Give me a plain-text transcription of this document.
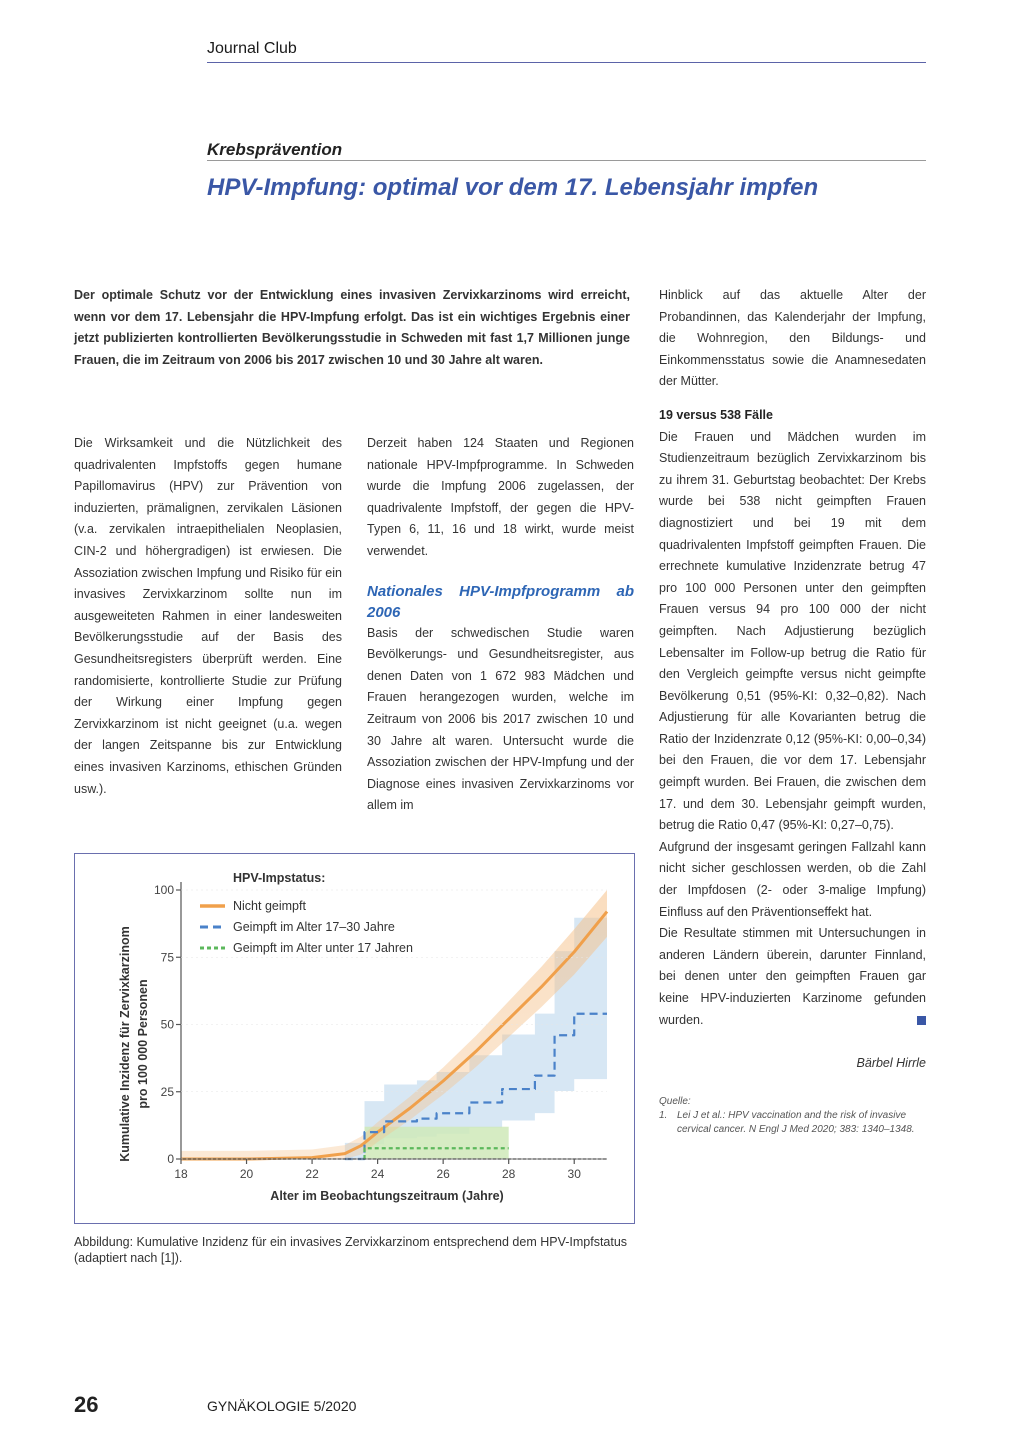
Journal Club
Krebsprävention
HPV-Impfung: optimal vor dem 17. Lebensjahr impfen
Der optimale Schutz vor der Entwicklung eines invasiven Zervixkarzinoms wird erreicht, wenn vor dem 17. Lebensjahr die HPV-Impfung erfolgt. Das ist ein wichtiges Ergebnis einer jetzt publizierten kontrollierten Bevölkerungsstudie in Schweden mit fast 1,7 Millionen junge Frauen, die im Zeitraum von 2006 bis 2017 zwischen 10 und 30 Jahre alt waren.

Die Wirksamkeit und die Nützlichkeit des quadrivalenten Impfstoffs gegen humane Papillomavirus (HPV) zur Prävention von induzierten, prämalignen, zervikalen Läsionen (v.a. zervikalen intraepithelialen Neoplasien, CIN-2 und höhergradigen) ist erwiesen. Die Assoziation zwischen Impfung und Risiko für ein invasives Zervixkarzinom sollte nun im ausgeweiteten Rahmen in einer landesweiten Bevölkerungsstudie auf der Basis des Gesundheitsregisters überprüft werden. Eine randomisierte, kontrollierte Studie zur Prüfung der Wirkung einer Impfung gegen Zervixkarzinom ist nicht geeignet (u.a. wegen der langen Zeitspanne bis zur Entwicklung eines invasiven Karzinoms, ethischen Gründen usw.).

Derzeit haben 124 Staaten und Regionen nationale HPV-Impfprogramme. In Schweden wurde die Impfung 2006 zugelassen, der quadrivalente Impfstoff, der gegen die HPV-Typen 6, 11, 16 und 18 wirkt, wurde meist verwendet.

Nationales HPV-Impfprogramm ab 2006

Basis der schwedischen Studie waren Bevölkerungs- und Gesundheitsregister, aus denen Daten von 1 672 983 Mädchen und Frauen herangezogen wurden, welche im Zeitraum von 2006 bis 2017 zwischen 10 und 30 Jahre alt waren. Untersucht wurde die Assoziation zwischen der HPV-Impfung und der Diagnose eines invasiven Zervixkarzinoms vor allem im

Hinblick auf das aktuelle Alter der Probandinnen, das Kalenderjahr der Impfung, die Wohnregion, den Bildungs- und Einkommensstatus sowie die Anamnesedaten der Mütter.

19 versus 538 Fälle

Die Frauen und Mädchen wurden im Studienzeitraum bezüglich Zervixkarzinom bis zu ihrem 31. Geburtstag beobachtet: Der Krebs wurde bei 538 nicht geimpften Frauen diagnostiziert und bei 19 mit dem quadrivalenten Impfstoff geimpften Frauen. Die errechnete kumulative Inzidenzrate betrug 47 pro 100 000 Personen unter den geimpften Frauen versus 94 pro 100 000 der nicht geimpften. Nach Adjustierung bezüglich Lebensalter im Follow-up betrug die Ratio für den Vergleich geimpfte versus nicht geimpfte Bevölkerung 0,51 (95%-KI: 0,32–0,82). Nach Adjustierung für alle Kovarianten betrug die Ratio der Inzidenzrate 0,12 (95%-KI: 0,00–0,34) bei den Frauen, die vor dem 17. Lebensjahr geimpft wurden. Bei Frauen, die zwischen dem 17. und dem 30. Lebensjahr geimpft wurden, betrug die Ratio 0,47 (95%-KI: 0,27–0,75).

Aufgrund der insgesamt geringen Fallzahl kann nicht sicher geschlossen werden, ob die Zahl der Impfdosen (2- oder 3-malige Impfung) Einfluss auf den Präventionseffekt hat.

Die Resultate stimmen mit Untersuchungen in anderen Ländern überein, darunter Finnland, bei denen unter den geimpften Frauen gar keine HPV-induzierten Karzinome gefunden wurden.

Bärbel Hirrle

Quelle:

1. Lei J et al.: HPV vaccination and the risk of invasive cervical cancer. N Engl J Med 2020; 383: 1340–1348.
0
25
50
75
100
18	20	22	24	26	28	30
Nicht geimpft
Geimpft im Alter 17–30 Jahre
Geimpft im Alter unter 17 Jahren
Kumulative Inzidenz für Zervixkarzinom pro 100 000 Personen
Alter im Beobachtungszeitraum (Jahre)
HPV-Impstatus:
Abbildung: Kumulative Inzidenz für ein invasives Zervixkarzinom entsprechend dem HPV-Impfstatus (adaptiert nach [1]).
26	GYNÄKOLOGIE 5/2020
